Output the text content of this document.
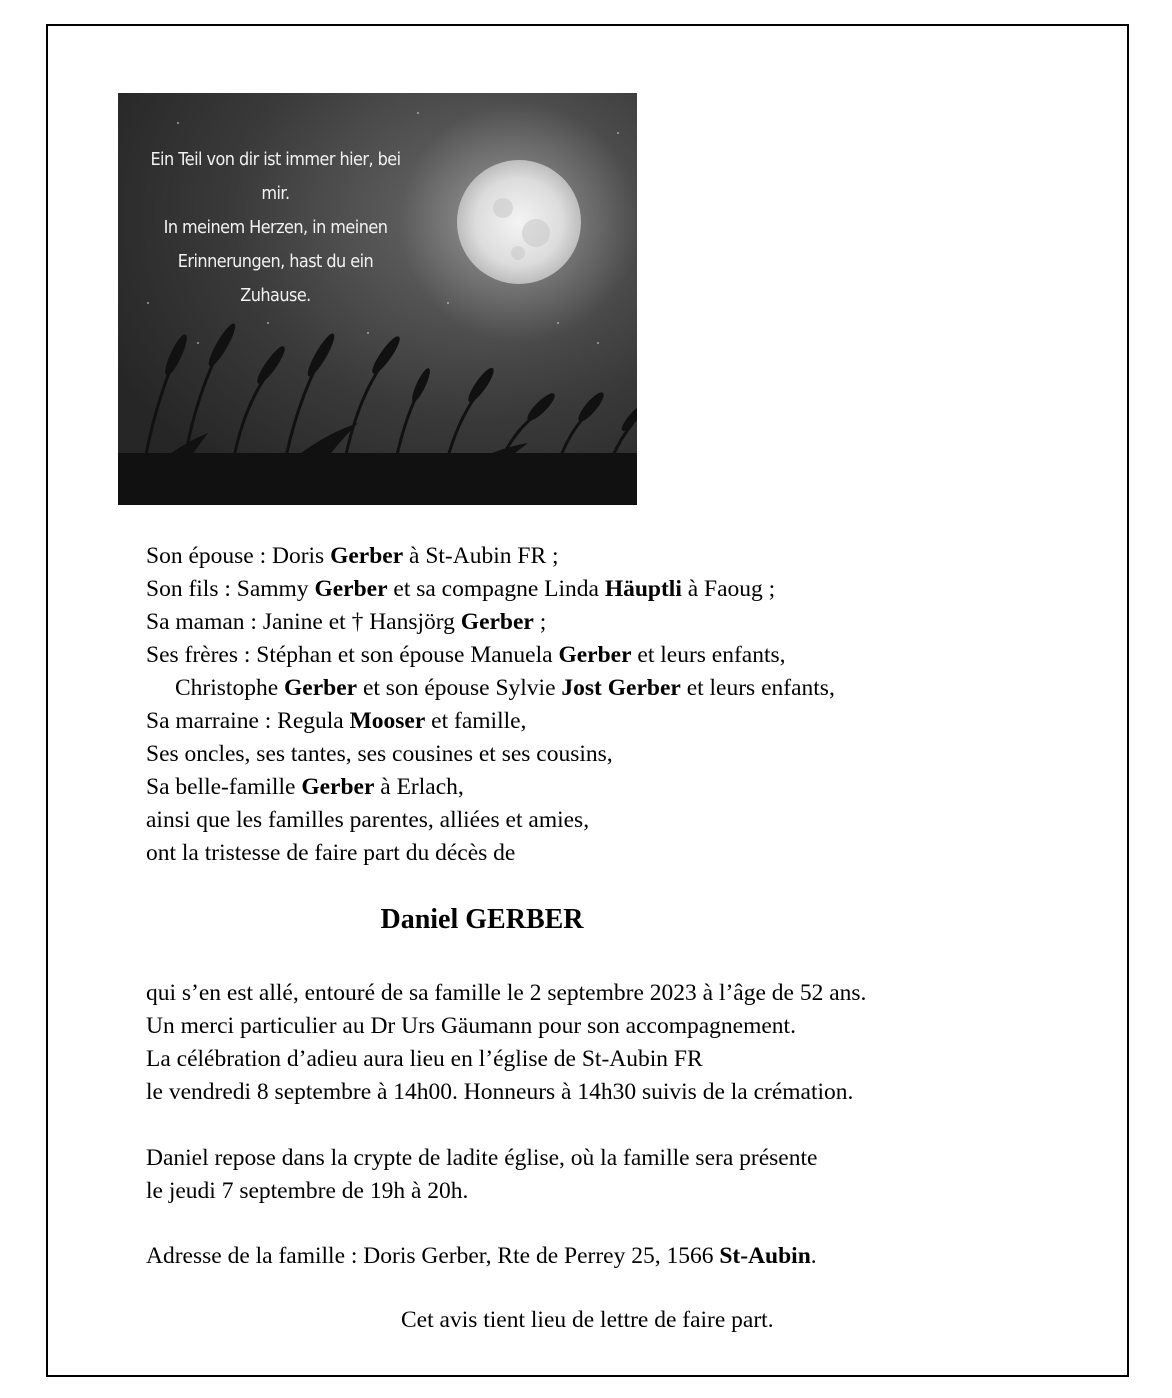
Ein Teil von dir ist immer hier, bei
mir.
In meinem Herzen, in meinen
Erinnerungen, hast du ein
Zuhause.
Son épouse : Doris Gerber à St-Aubin FR ;
Son fils : Sammy Gerber et sa compagne Linda Häuptli à Faoug ;
Sa maman : Janine et † Hansjörg Gerber ;
Ses frères : Stéphan et son épouse Manuela Gerber et leurs enfants,
Christophe Gerber et son épouse Sylvie Jost Gerber et leurs enfants,
Sa marraine : Regula Mooser et famille,
Ses oncles, ses tantes, ses cousines et ses cousins,
Sa belle-famille Gerber à Erlach,
ainsi que les familles parentes, alliées et amies,
ont la tristesse de faire part du décès de
Daniel GERBER
qui s’en est allé, entouré de sa famille le 2 septembre 2023 à l’âge de 52 ans.
Un merci particulier au Dr Urs Gäumann pour son accompagnement.
La célébration d’adieu aura lieu en l’église de St-Aubin FR
le vendredi 8 septembre à 14h00. Honneurs à 14h30 suivis de la crémation.
Daniel repose dans la crypte de ladite église, où la famille sera présente
le jeudi 7 septembre de 19h à 20h.
Adresse de la famille : Doris Gerber, Rte de Perrey 25, 1566 St-Aubin.
Cet avis tient lieu de lettre de faire part.
